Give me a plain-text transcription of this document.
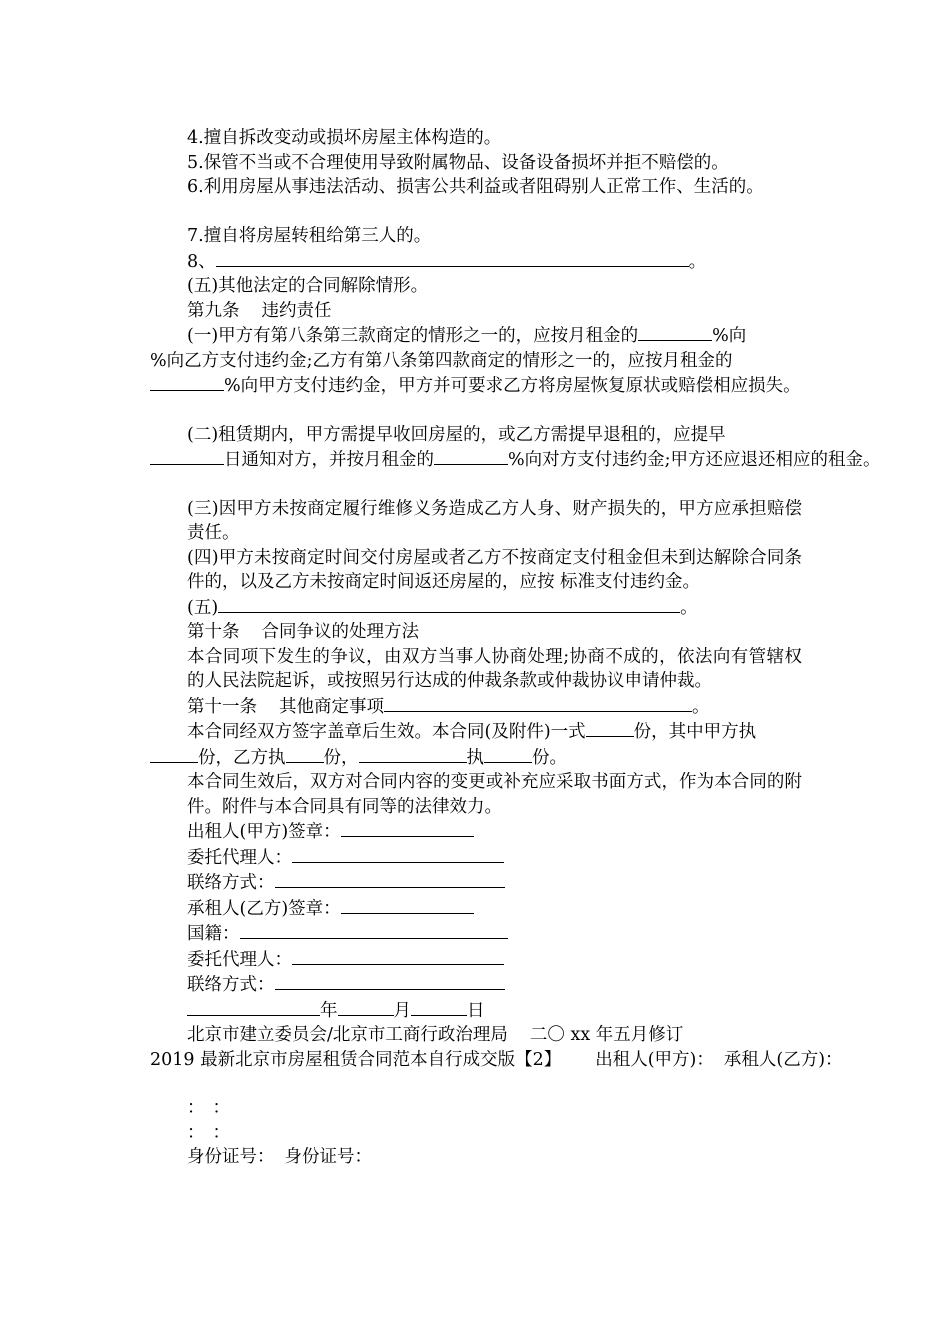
4.擅自拆改变动或损坏房屋主体构造的。
5.保管不当或不合理使用导致附属物品、设备设备损坏并拒不赔偿的。
6.利用房屋从事违法活动、损害公共利益或者阻碍别人正常工作、生活的。
7.擅自将房屋转租给第三人的。
8、	。
(五)其他法定的合同解除情形。
第九条 违约责任
(一)甲方有第八条第三款商定的情形之一的，应按月租金的	%向
%向乙方支付违约金;乙方有第八条第四款商定的情形之一的，应按月租金的
%向甲方支付违约金，甲方并可要求乙方将房屋恢复原状或赔偿相应损失。
(二)租赁期内，甲方需提早收回房屋的，或乙方需提早退租的，应提早
日通知对方，并按月租金的	%向对方支付违约金;甲方还应退还相应的租金。
(三)因甲方未按商定履行维修义务造成乙方人身、财产损失的，甲方应承担赔偿责任。
(四)甲方未按商定时间交付房屋或者乙方不按商定支付租金但未到达解除合同条件的，以及乙方未按商定时间返还房屋的，应按 标准支付违约金。
(五)	。
第十条 合同争议的处理方法
本合同项下发生的争议，由双方当事人协商处理;协商不成的，依法向有管辖权的人民法院起诉，或按照另行达成的仲裁条款或仲裁协议申请仲裁。
第十一条 其他商定事项	。
本合同经双方签字盖章后生效。本合同(及附件)一式	份，其中甲方执
份，乙方执 份，	执	份。
本合同生效后，双方对合同内容的变更或补充应采取书面方式，作为本合同的附件。附件与本合同具有同等的法律效力。
出租人(甲方)签章：
委托代理人：
联络方式：
承租人(乙方)签章：
国籍：
委托代理人：
联络方式：
年	月	日
北京市建立委员会/北京市工商行政治理局 二〇 xx 年五月修订
2019 最新北京市房屋租赁合同范本自行成交版【2】 出租人(甲方)： 承租人(乙方)：
： ：
： ：
身份证号： 身份证号：
